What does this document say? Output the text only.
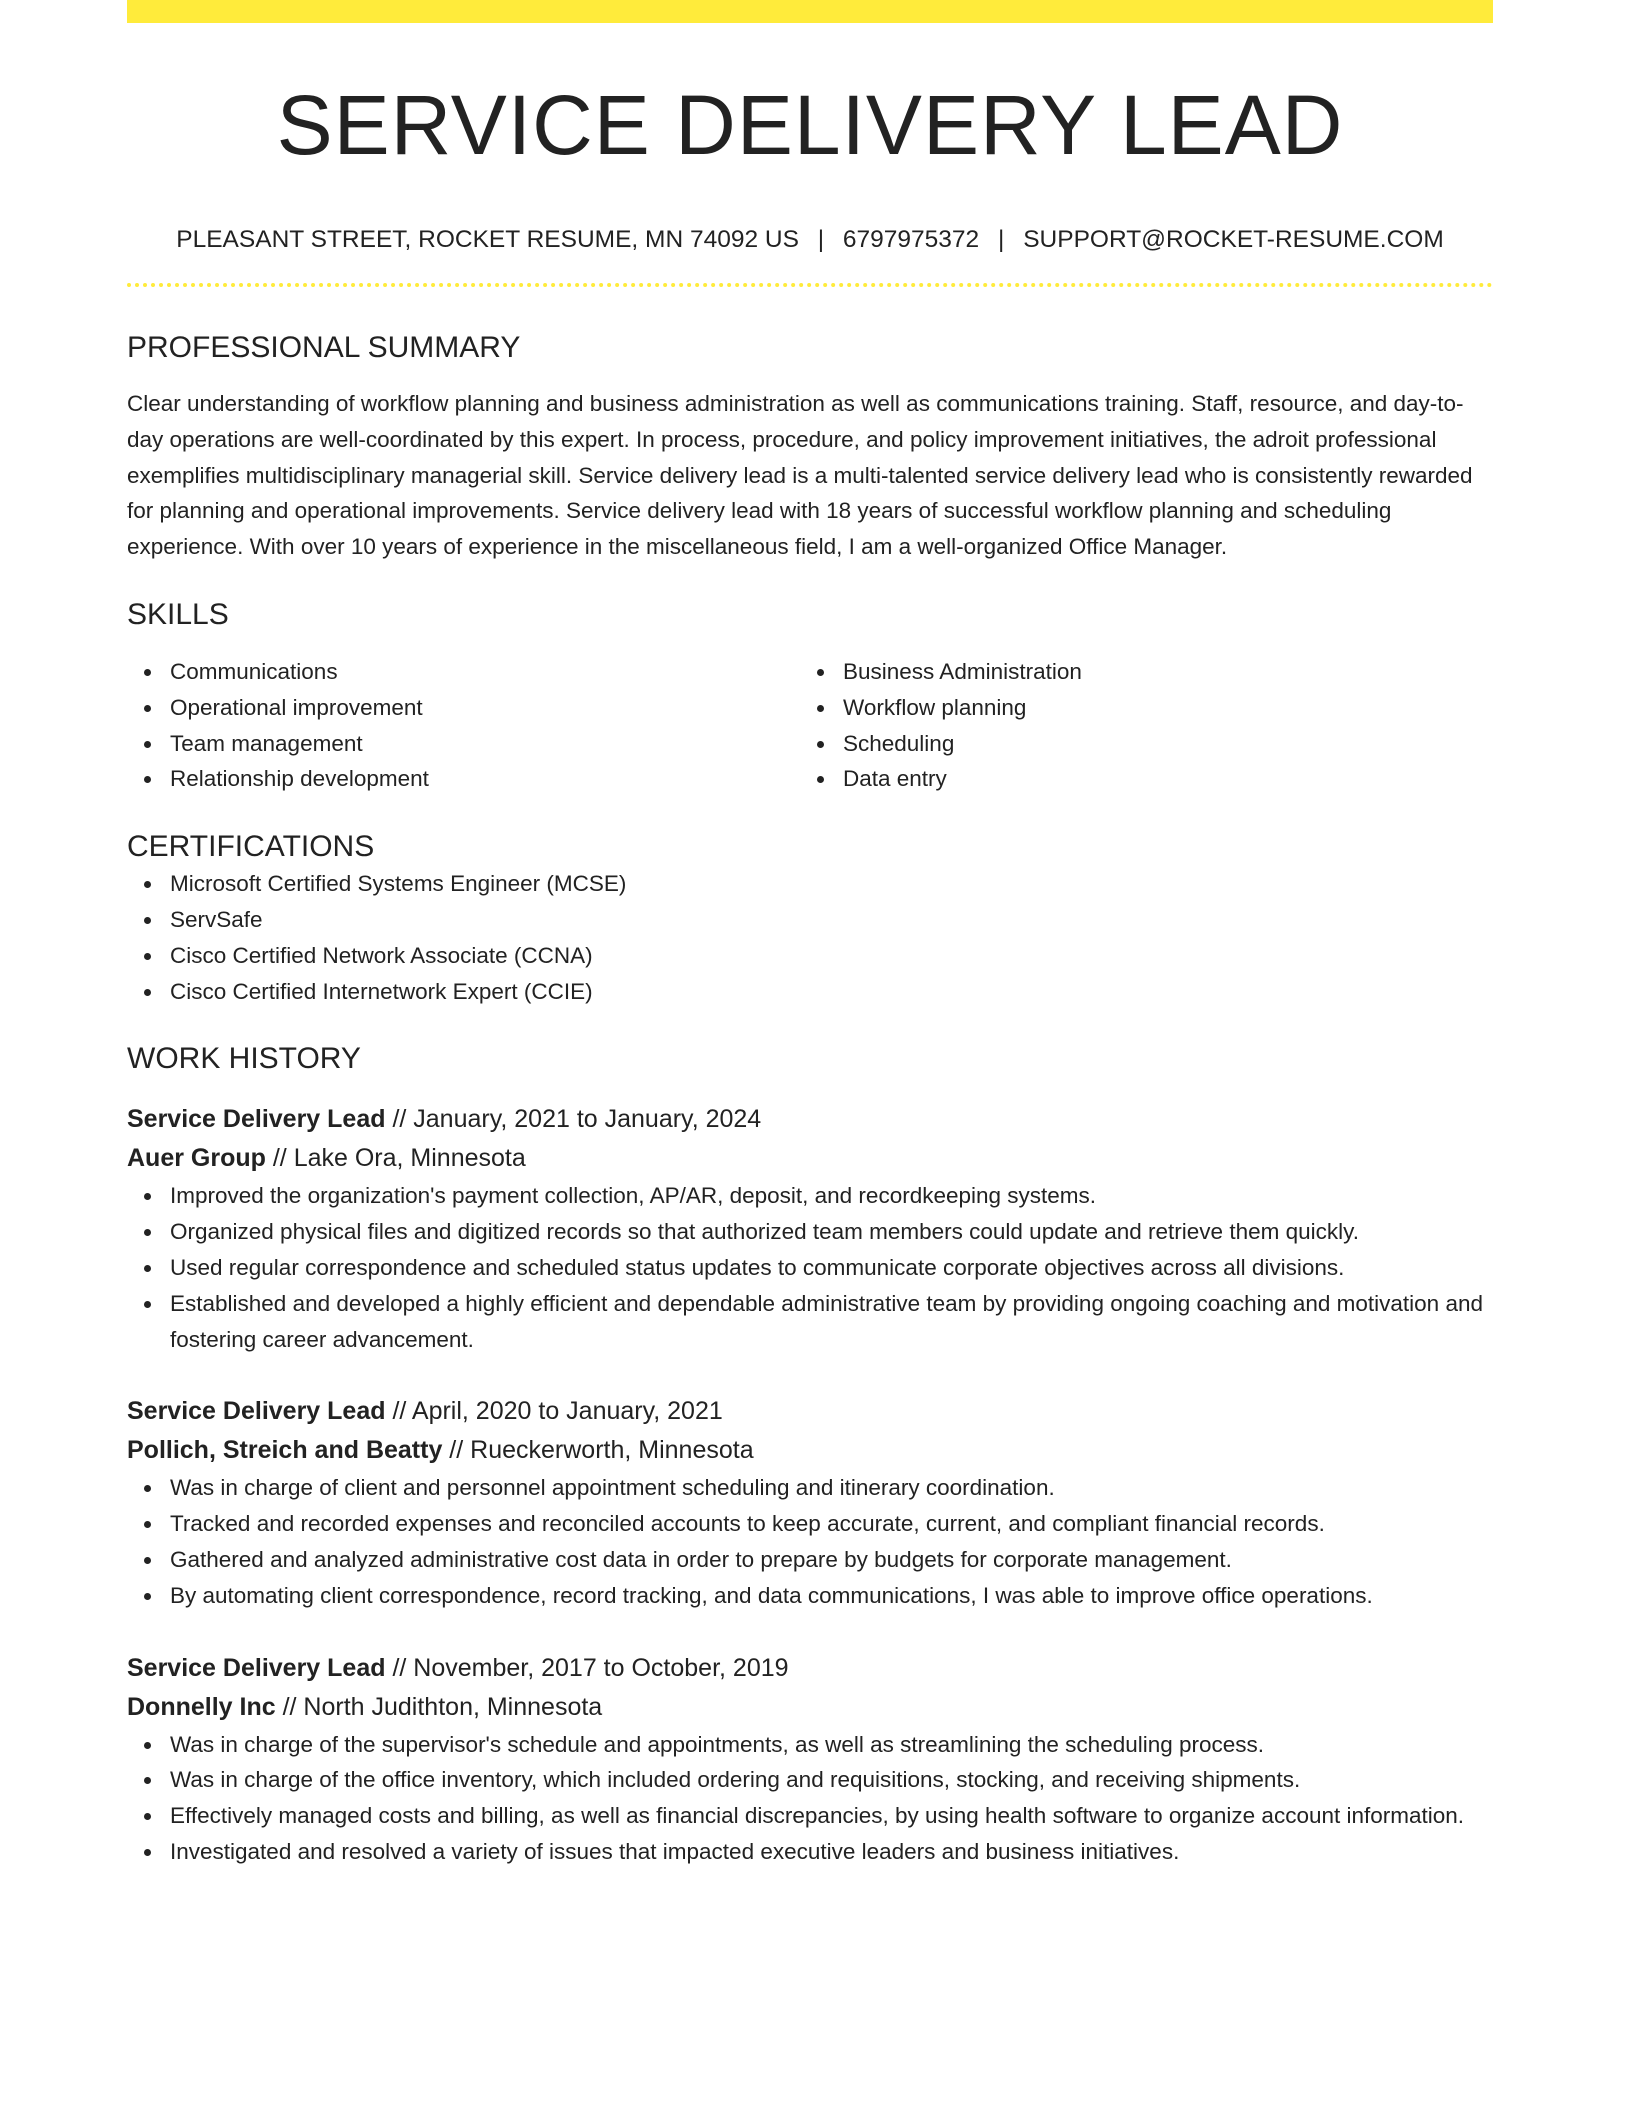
SERVICE DELIVERY LEAD
PLEASANT STREET, ROCKET RESUME, MN 74092 US | 6797975372 | SUPPORT@ROCKET-RESUME.COM
PROFESSIONAL SUMMARY
Clear understanding of workflow planning and business administration as well as communications training. Staff, resource, and day-to-day operations are well-coordinated by this expert. In process, procedure, and policy improvement initiatives, the adroit professional exemplifies multidisciplinary managerial skill. Service delivery lead is a multi-talented service delivery lead who is consistently rewarded for planning and operational improvements. Service delivery lead with 18 years of successful workflow planning and scheduling experience. With over 10 years of experience in the miscellaneous field, I am a well-organized Office Manager.
SKILLS
Communications
Operational improvement
Team management
Relationship development
Business Administration
Workflow planning
Scheduling
Data entry
CERTIFICATIONS
Microsoft Certified Systems Engineer (MCSE)
ServSafe
Cisco Certified Network Associate (CCNA)
Cisco Certified Internetwork Expert (CCIE)
WORK HISTORY
Service Delivery Lead // January, 2021 to January, 2024
Auer Group // Lake Ora, Minnesota
Improved the organization's payment collection, AP/AR, deposit, and recordkeeping systems.
Organized physical files and digitized records so that authorized team members could update and retrieve them quickly.
Used regular correspondence and scheduled status updates to communicate corporate objectives across all divisions.
Established and developed a highly efficient and dependable administrative team by providing ongoing coaching and motivation and fostering career advancement.
Service Delivery Lead // April, 2020 to January, 2021
Pollich, Streich and Beatty // Rueckerworth, Minnesota
Was in charge of client and personnel appointment scheduling and itinerary coordination.
Tracked and recorded expenses and reconciled accounts to keep accurate, current, and compliant financial records.
Gathered and analyzed administrative cost data in order to prepare by budgets for corporate management.
By automating client correspondence, record tracking, and data communications, I was able to improve office operations.
Service Delivery Lead // November, 2017 to October, 2019
Donnelly Inc // North Judithton, Minnesota
Was in charge of the supervisor's schedule and appointments, as well as streamlining the scheduling process.
Was in charge of the office inventory, which included ordering and requisitions, stocking, and receiving shipments.
Effectively managed costs and billing, as well as financial discrepancies, by using health software to organize account information.
Investigated and resolved a variety of issues that impacted executive leaders and business initiatives.
